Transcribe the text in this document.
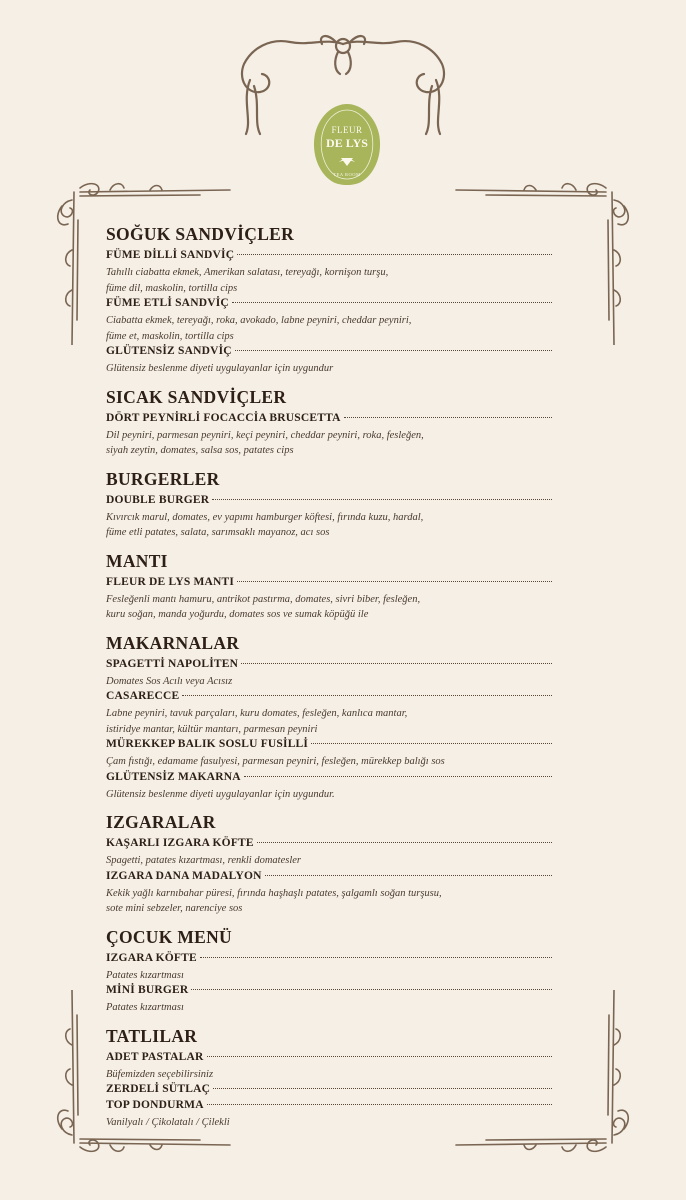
FLEUR
DE LYS
TEA ROOM
SOĞUK SANDVİÇLER
FÜME DİLLİ SANDVİÇ
Tahıllı ciabatta ekmek, Amerikan salatası, tereyağı, kornişon turşu,
füme dil, maskolin, tortilla cips
FÜME ETLİ SANDVİÇ
Ciabatta ekmek, tereyağı, roka, avokado, labne peyniri, cheddar peyniri,
füme et, maskolin, tortilla cips
GLÜTENSİZ SANDVİÇ
Glütensiz beslenme diyeti uygulayanlar için uygundur
SICAK SANDVİÇLER
DÖRT PEYNİRLİ FOCACCİA BRUSCETTA
Dil peyniri, parmesan peyniri, keçi peyniri, cheddar peyniri, roka, fesleğen,
siyah zeytin, domates, salsa sos, patates cips
BURGERLER
DOUBLE BURGER
Kıvırcık marul, domates, ev yapımı hamburger köftesi, fırında kuzu, hardal,
füme etli patates, salata, sarımsaklı mayanoz, acı sos
MANTI
FLEUR DE LYS MANTI
Fesleğenli mantı hamuru, antrikot pastırma, domates, sivri biber, fesleğen,
kuru soğan, manda yoğurdu, domates sos ve sumak köpüğü ile
MAKARNALAR
SPAGETTİ NAPOLİTEN
Domates Sos Acılı veya Acısız
CASARECCE
Labne peyniri, tavuk parçaları, kuru domates, fesleğen, kanlıca mantar,
istiridye mantar, kültür mantarı, parmesan peyniri
MÜREKKEP BALIK SOSLU FUSİLLİ
Çam fıstığı, edamame fasulyesi, parmesan peyniri, fesleğen, mürekkep balığı sos
GLÜTENSİZ MAKARNA
Glütensiz beslenme diyeti uygulayanlar için uygundur.
IZGARALAR
KAŞARLI IZGARA KÖFTE
Spagetti, patates kızartması, renkli domatesler
IZGARA DANA MADALYON
Kekik yağlı karnıbahar püresi, fırında haşhaşlı patates, şalgamlı soğan turşusu,
sote mini sebzeler, narenciye sos
ÇOCUK MENÜ
IZGARA KÖFTE
Patates kızartması
MİNİ BURGER
Patates kızartması
TATLILAR
ADET PASTALAR
Büfemizden seçebilirsiniz
ZERDELİ SÜTLAÇ
TOP DONDURMA
Vanilyalı / Çikolatalı / Çilekli
